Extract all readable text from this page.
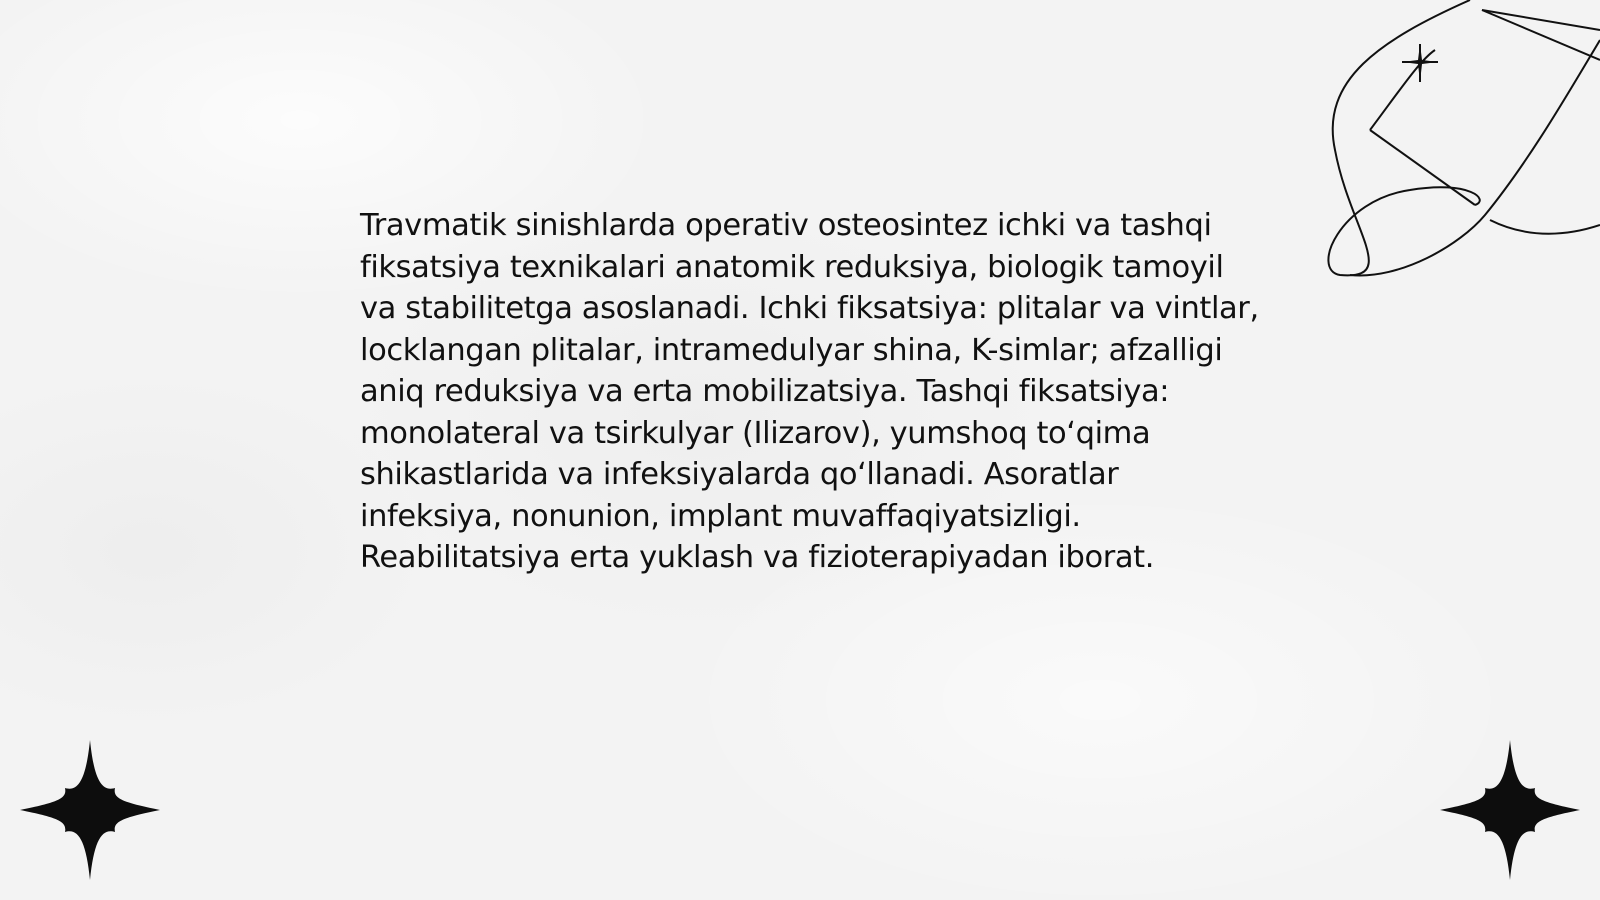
Travmatik sinishlarda operativ osteosintez ichki va tashqi fiksatsiya texnikalari anatomik reduksiya, biologik tamoyil va stabilitetga asoslanadi. Ichki fiksatsiya: plitalar va vintlar, locklangan plitalar, intramedulyar shina, K-simlar; afzalligi aniq reduksiya va erta mobilizatsiya. Tashqi fiksatsiya: monolateral va tsirkulyar (Ilizarov), yumshoq to‘qima shikastlarida va infeksiyalarda qo‘llanadi. Asoratlar infeksiya, nonunion, implant muvaffaqiyatsizligi. Reabilitatsiya erta yuklash va fizioterapiyadan iborat.
